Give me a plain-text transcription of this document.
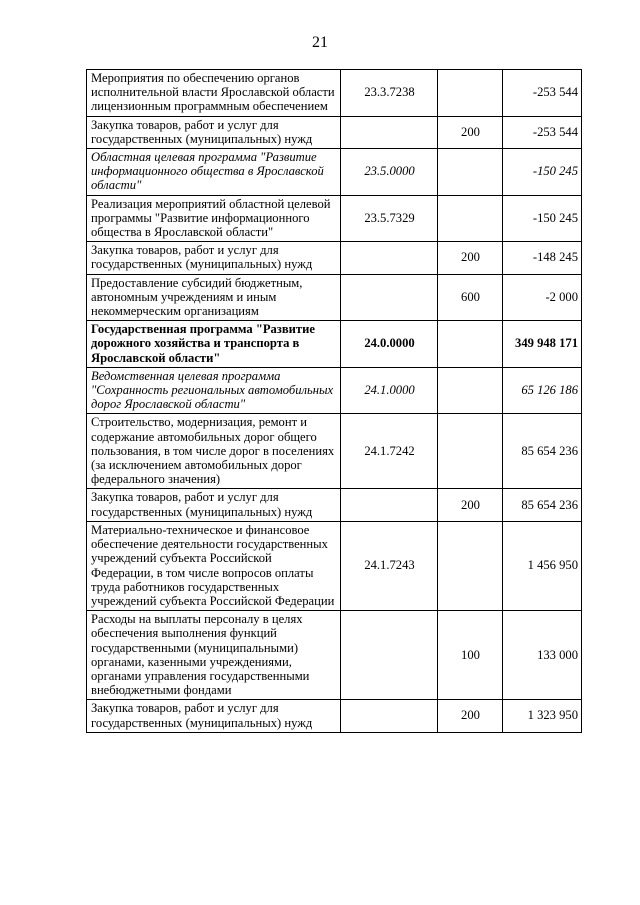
21
Мероприятия по обеспечению органов исполнительной власти Ярославской области лицензионным программным обеспечением	23.3.7238		-253 544
Закупка товаров, работ и услуг для государственных (муниципальных) нужд		200	-253 544
Областная целевая программа "Развитие информационного общества в Ярославской области"	23.5.0000		-150 245
Реализация мероприятий областной целевой программы "Развитие информационного общества в Ярославской области"	23.5.7329		-150 245
Закупка товаров, работ и услуг для государственных (муниципальных) нужд		200	-148 245
Предоставление субсидий бюджетным, автономным учреждениям и иным некоммерческим организациям		600	-2 000
Государственная программа "Развитие дорожного хозяйства и транспорта в Ярославской области"	24.0.0000		349 948 171
Ведомственная целевая программа "Сохранность региональных автомобильных дорог Ярославской области"	24.1.0000		65 126 186
Строительство, модернизация, ремонт и содержание автомобильных дорог общего пользования, в том числе дорог в поселениях (за исключением автомобильных дорог федерального значения)	24.1.7242		85 654 236
Закупка товаров, работ и услуг для государственных (муниципальных) нужд		200	85 654 236
Материально-техническое и финансовое обеспечение деятельности государственных учреждений субъекта Российской Федерации, в том числе вопросов оплаты труда работников государственных учреждений субъекта Российской Федерации	24.1.7243		1 456 950
Расходы на выплаты персоналу в целях обеспечения выполнения функций государственными (муниципальными) органами, казенными учреждениями, органами управления государственными внебюджетными фондами		100	133 000
Закупка товаров, работ и услуг для государственных (муниципальных) нужд		200	1 323 950
